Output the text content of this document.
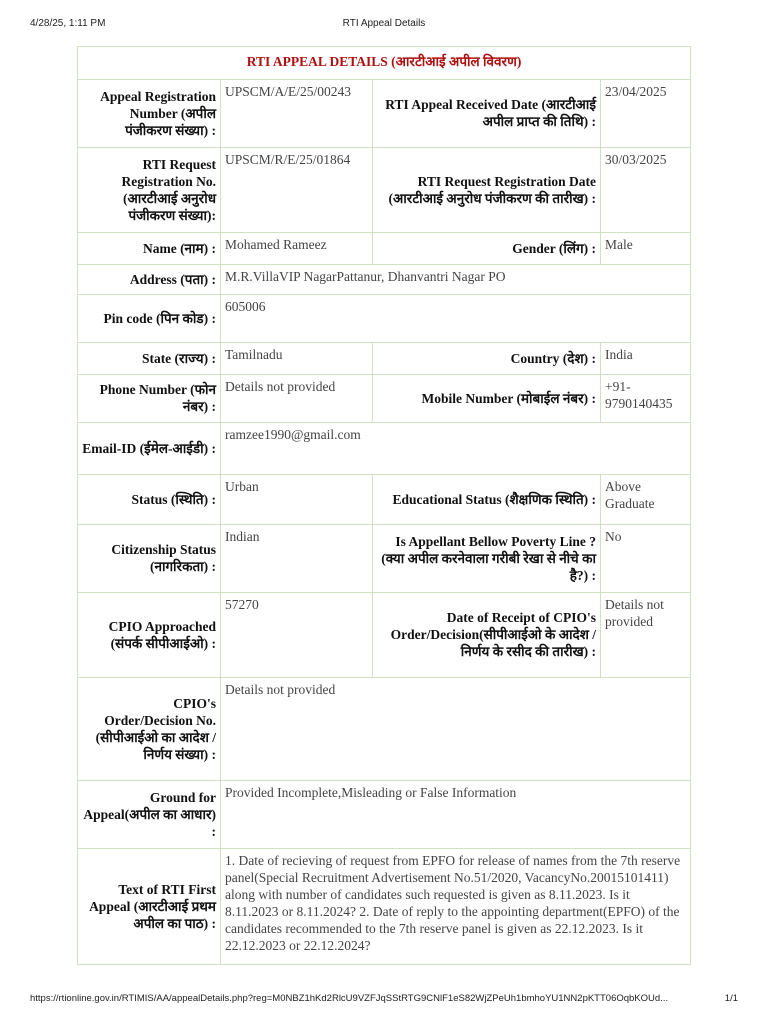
4/28/25, 1:11 PM	RTI Appeal Details
RTI APPEAL DETAILS (आरटीआई अपील विवरण)			
Appeal Registration Number (अपील पंजीकरण संख्या) :	UPSCM/A/E/25/00243	RTI Appeal Received Date (आरटीआई अपील प्राप्त की तिथि) :	23/04/2025
RTI Request Registration No. (आरटीआई अनुरोध पंजीकरण संख्या):	UPSCM/R/E/25/01864	RTI Request Registration Date (आरटीआई अनुरोध पंजीकरण की तारीख) :	30/03/2025
Name (नाम) :	Mohamed Rameez	Gender (लिंग) :	Male
Address (पता) :	M.R.VillaVIP NagarPattanur, Dhanvantri Nagar PO		
Pin code (पिन कोड) :	605006		
State (राज्य) :	Tamilnadu	Country (देश) :	India
Phone Number (फोन नंबर) :	Details not provided	Mobile Number (मोबाईल नंबर) :	+91-9790140435
Email-ID (ईमेल-आईडी) :	ramzee1990@gmail.com		
Status (स्थिति) :	Urban	Educational Status (शैक्षणिक स्थिति) :	Above Graduate
Citizenship Status (नागरिकता) :	Indian	Is Appellant Bellow Poverty Line ? (क्या अपील करनेवाला गरीबी रेखा से नीचे का है?) :	No
CPIO Approached (संपर्क सीपीआईओ) :	57270	Date of Receipt of CPIO's Order/Decision(सीपीआईओ के आदेश / निर्णय के रसीद की तारीख) :	Details not provided
CPIO's Order/Decision No. (सीपीआईओ का आदेश / निर्णय संख्या) :	Details not provided		
Ground for Appeal(अपील का आधार) :	Provided Incomplete,Misleading or False Information		
Text of RTI First Appeal (आरटीआई प्रथम अपील का पाठ) :	1. Date of recieving of request from EPFO for release of names from the 7th reserve panel(Special Recruitment Advertisement No.51/2020, VacancyNo.20015101411) along with number of candidates such requested is given as 8.11.2023. Is it 8.11.2023 or 8.11.2024? 2. Date of reply to the appointing department(EPFO) of the candidates recommended to the 7th reserve panel is given as 22.12.2023. Is it 22.12.2023 or 22.12.2024?		
https://rtionline.gov.in/RTIMIS/AA/appealDetails.php?reg=M0NBZ1hKd2RlcU9VZFJqSStRTG9CNlF1eS82WjZPeUh1bmhoYU1NN2pKTT06OqbKOUd...	1/1
